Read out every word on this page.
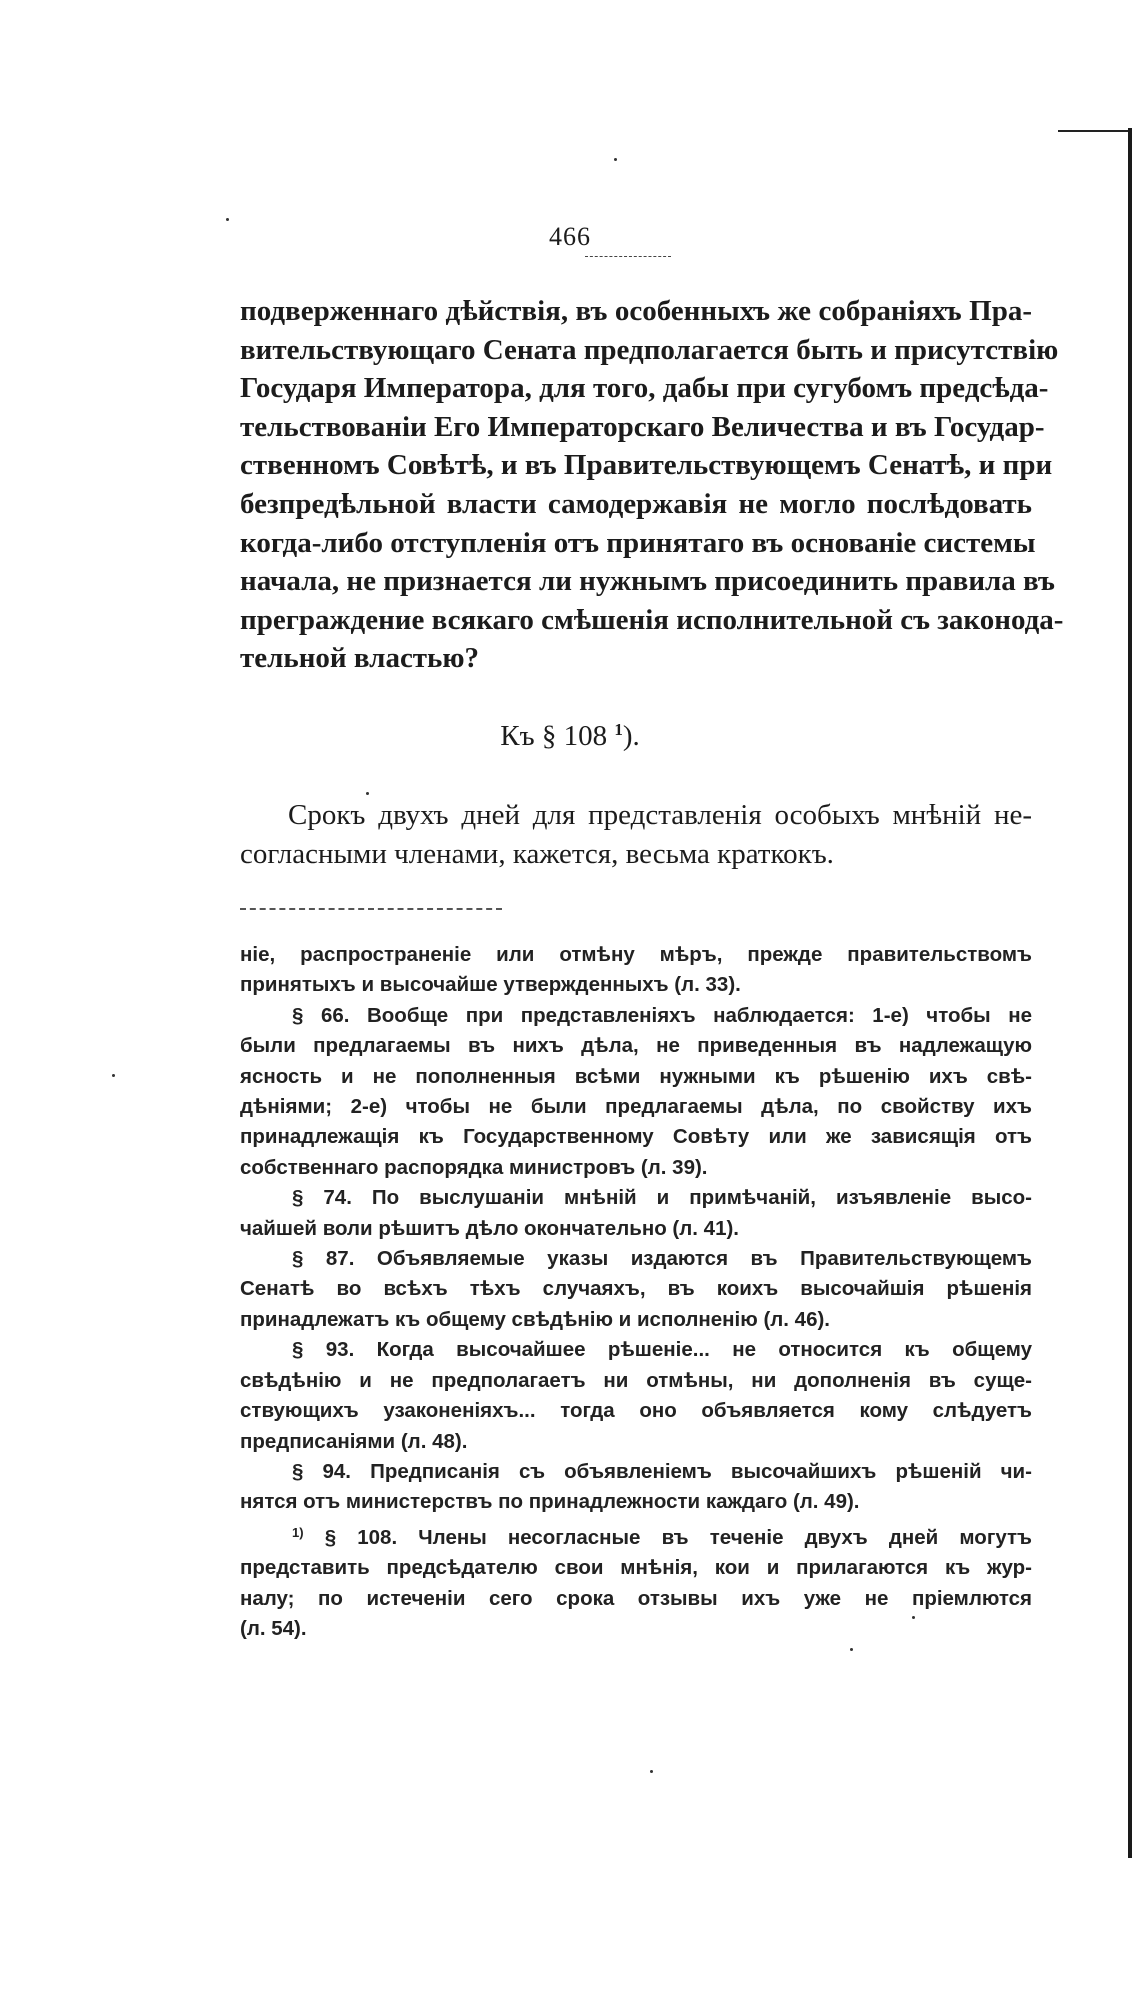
466
подверженнаго дѣйствія, въ особенныхъ же собраніяхъ Пра-
вительствующаго Сената предполагается быть и присутствію
Государя Императора, для того, дабы при сугубомъ предсѣда-
тельствованіи Его Императорскаго Величества и въ Государ-
ственномъ Совѣтѣ, и въ Правительствующемъ Сенатѣ, и при
безпредѣльной власти самодержавія не могло послѣдовать
когда-либо отступленія отъ принятаго въ основаніе системы
начала, не признается ли нужнымъ присоединить правила въ
преграждение всякаго смѣшенія исполнительной съ законода-
тельной властью?
Къ § 108 $^1$).
Срокъ двухъ дней для представленія особыхъ мнѣній не-
согласными членами, кажется, весьма краткокъ.
ніе, распространеніе или отмѣну мѣръ, прежде правительствомъ
принятыхъ и высочайше утвержденныхъ (л. 33).
§ 66. Вообще при представленіяхъ наблюдается: 1-е) чтобы не
были предлагаемы въ нихъ дѣла, не приведенныя въ надлежащую
ясность и не пополненныя всѣми нужными къ рѣшенію ихъ свѣ-
дѣніями; 2-е) чтобы не были предлагаемы дѣла, по свойству ихъ
принадлежащія къ Государственному Совѣту или же зависящія отъ
собственнаго распорядка министровъ (л. 39).
§ 74. По выслушаніи мнѣній и примѣчаній, изъявленіе высо-
чайшей воли рѣшитъ дѣло окончательно (л. 41).
§ 87. Объявляемые указы издаются въ Правительствующемъ
Сенатѣ во всѣхъ тѣхъ случаяхъ, въ коихъ высочайшія рѣшенія
принадлежатъ къ общему свѣдѣнію и исполненію (л. 46).
§ 93. Когда высочайшее рѣшеніе... не относится къ общему
свѣдѣнію и не предполагаетъ ни отмѣны, ни дополненія въ суще-
ствующихъ узаконеніяхъ... тогда оно объявляется кому слѣдуетъ
предписаніями (л. 48).
§ 94. Предписанія съ объявленіемъ высочайшихъ рѣшеній чи-
нятся отъ министерствъ по принадлежности каждаго (л. 49).
$^{1)}$ § 108. Члены несогласные въ теченіе двухъ дней могутъ
представить предсѣдателю свои мнѣнія, кои и прилагаются къ жур-
налу; по истеченіи сего срока отзывы ихъ уже не пріемлются
(л. 54).
